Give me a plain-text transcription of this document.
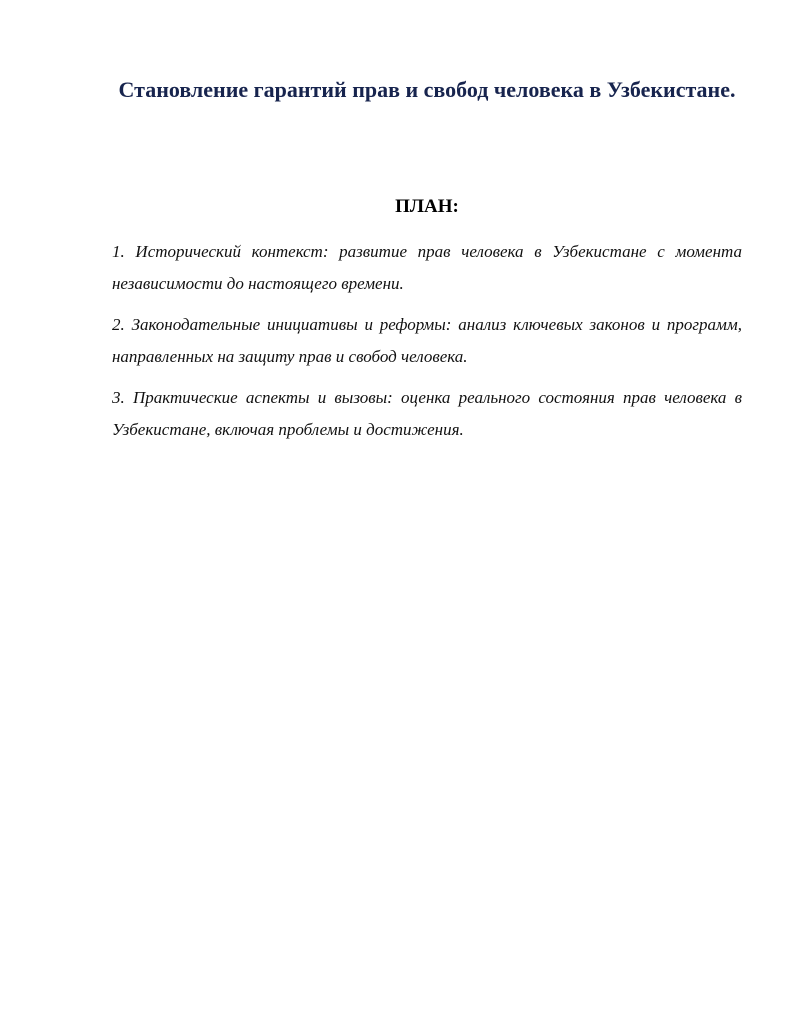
Становление гарантий прав и свобод человека в Узбекистане.
ПЛАН:
1. Исторический контекст: развитие прав человека в Узбекистане с момента независимости до настоящего времени.
2. Законодательные инициативы и реформы: анализ ключевых законов и программ, направленных на защиту прав и свобод человека.
3. Практические аспекты и вызовы: оценка реального состояния прав человека в Узбекистане, включая проблемы и достижения.
